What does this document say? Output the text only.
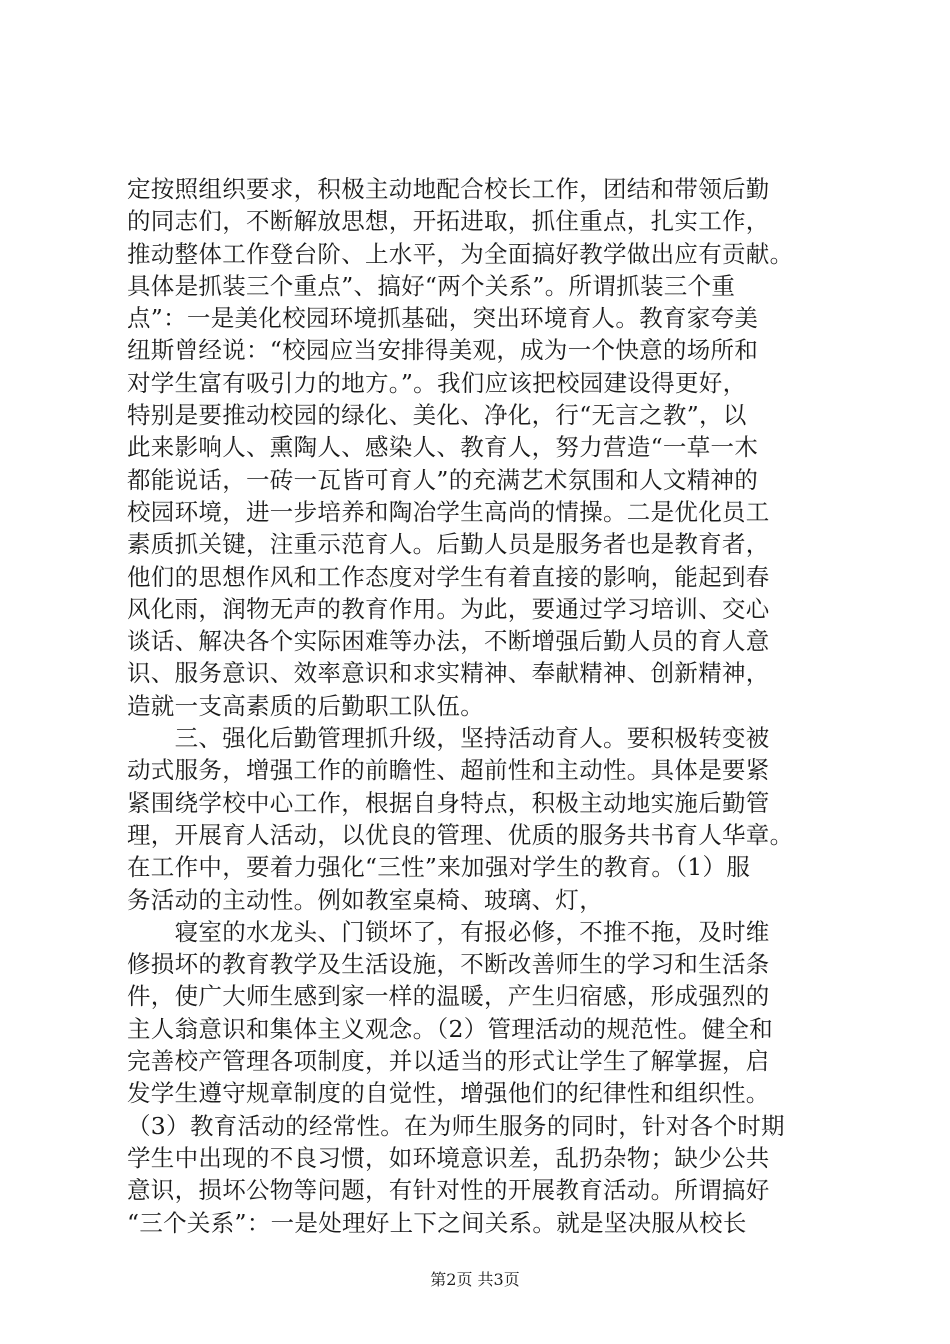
定按照组织要求，积极主动地配合校长工作，团结和带领后勤
的同志们，不断解放思想，开拓进取，抓住重点，扎实工作，
推动整体工作登台阶、上水平，为全面搞好教学做出应有贡献。
具体是抓装三个重点”、搞好“两个关系”。所谓抓装三个重
点”：一是美化校园环境抓基础，突出环境育人。教育家夸美
纽斯曾经说：“校园应当安排得美观，成为一个快意的场所和
对学生富有吸引力的地方。”。我们应该把校园建设得更好，
特别是要推动校园的绿化、美化、净化，行“无言之教”，以
此来影响人、熏陶人、感染人、教育人，努力营造“一草一木
都能说话，一砖一瓦皆可育人”的充满艺术氛围和人文精神的
校园环境，进一步培养和陶冶学生高尚的情操。二是优化员工
素质抓关键，注重示范育人。后勤人员是服务者也是教育者，
他们的思想作风和工作态度对学生有着直接的影响，能起到春
风化雨，润物无声的教育作用。为此，要通过学习培训、交心
谈话、解决各个实际困难等办法，不断增强后勤人员的育人意
识、服务意识、效率意识和求实精神、奉献精神、创新精神，
造就一支高素质的后勤职工队伍。
　　三、强化后勤管理抓升级，坚持活动育人。要积极转变被
动式服务，增强工作的前瞻性、超前性和主动性。具体是要紧
紧围绕学校中心工作，根据自身特点，积极主动地实施后勤管
理，开展育人活动，以优良的管理、优质的服务共书育人华章。
在工作中，要着力强化“三性”来加强对学生的教育。（1）服
务活动的主动性。例如教室桌椅、玻璃、灯，
　　寝室的水龙头、门锁坏了，有报必修，不推不拖，及时维
修损坏的教育教学及生活设施，不断改善师生的学习和生活条
件，使广大师生感到家一样的温暖，产生归宿感，形成强烈的
主人翁意识和集体主义观念。（2）管理活动的规范性。健全和
完善校产管理各项制度，并以适当的形式让学生了解掌握，启
发学生遵守规章制度的自觉性，增强他们的纪律性和组织性。
（3）教育活动的经常性。在为师生服务的同时，针对各个时期
学生中出现的不良习惯，如环境意识差，乱扔杂物；缺少公共
意识，损坏公物等问题，有针对性的开展教育活动。所谓搞好
“三个关系”：一是处理好上下之间关系。就是坚决服从校长
第2页 共3页
